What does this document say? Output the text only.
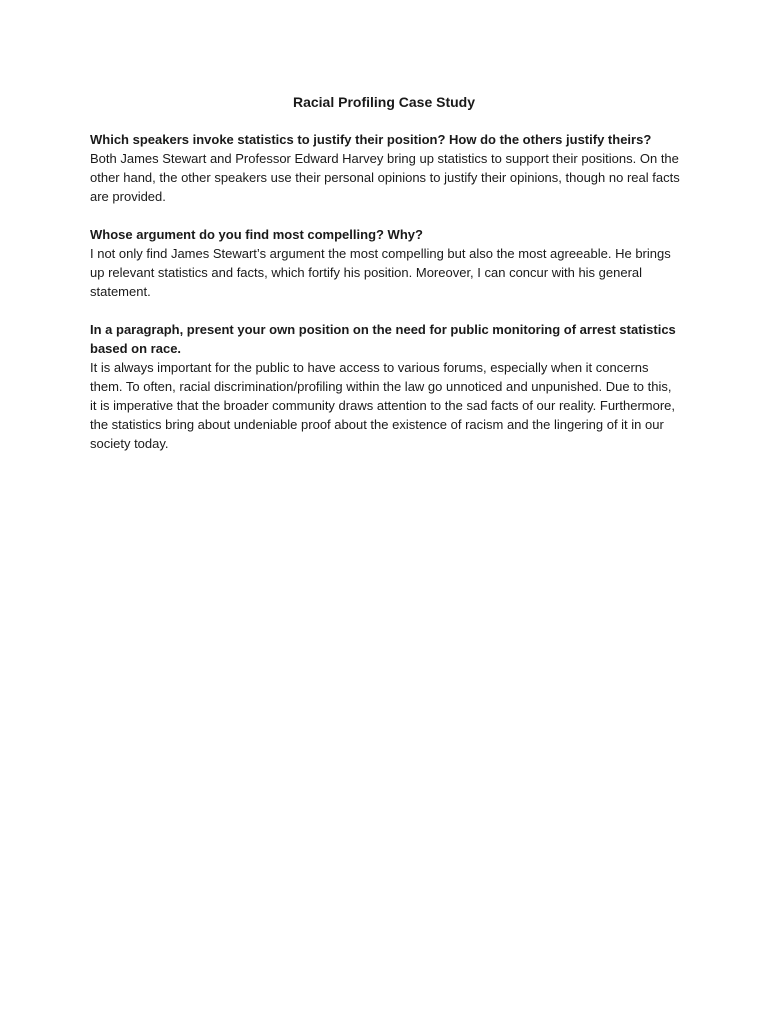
Racial Profiling Case Study

Which speakers invoke statistics to justify their position? How do the others justify theirs?

Both James Stewart and Professor Edward Harvey bring up statistics to support their positions. On the other hand, the other speakers use their personal opinions to justify their opinions, though no real facts are provided.

Whose argument do you find most compelling? Why?

I not only find James Stewart’s argument the most compelling but also the most agreeable. He brings up relevant statistics and facts, which fortify his position. Moreover, I can concur with his general statement.

In a paragraph, present your own position on the need for public monitoring of arrest statistics based on race.

It is always important for the public to have access to various forums, especially when it concerns them. To often, racial discrimination/profiling within the law go unnoticed and unpunished. Due to this, it is imperative that the broader community draws attention to the sad facts of our reality. Furthermore, the statistics bring about undeniable proof about the existence of racism and the lingering of it in our society today.
